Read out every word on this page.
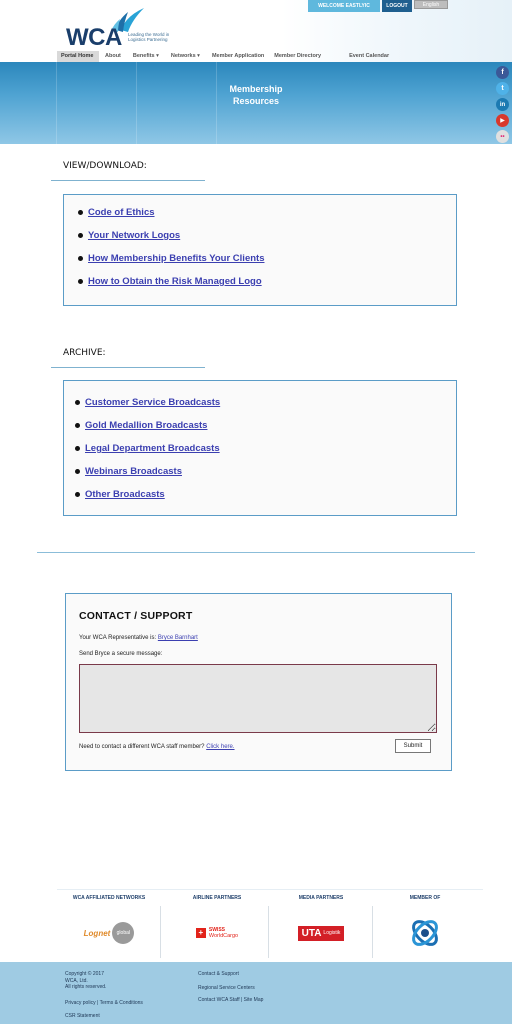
WCA Leading the World in Logistics Partnering
WELCOME EASTLYIC	LOGOUT	English
Portal Home	About	Benefits ▾	Networks ▾	Member Application	Member Directory	Event Calendar
Membership
Resources
f
t
in
▶
••
VIEW/DOWNLOAD:
Code of Ethics
Your Network Logos
How Membership Benefits Your Clients
How to Obtain the Risk Managed Logo
ARCHIVE:
Customer Service Broadcasts
Gold Medallion Broadcasts
Legal Department Broadcasts
Webinars Broadcasts
Other Broadcasts
CONTACT / SUPPORT
Your WCA Representative is: Bryce Barnhart
Send Bryce a secure message:
Need to contact a different WCA staff member? Click here.	Submit
WCA AFFILIATED NETWORKS
Lognet	global
AIRLINE PARTNERS
+	SWISS
WorldCargo
MEDIA PARTNERS
UTA Logistik
MEMBER OF
Copyright © 2017
WCA, Ltd.
All rights reserved.
Privacy policy | Terms & Conditions
CSR Statement
Contact & Support
Regional Service Centers
Contact WCA Staff | Site Map
